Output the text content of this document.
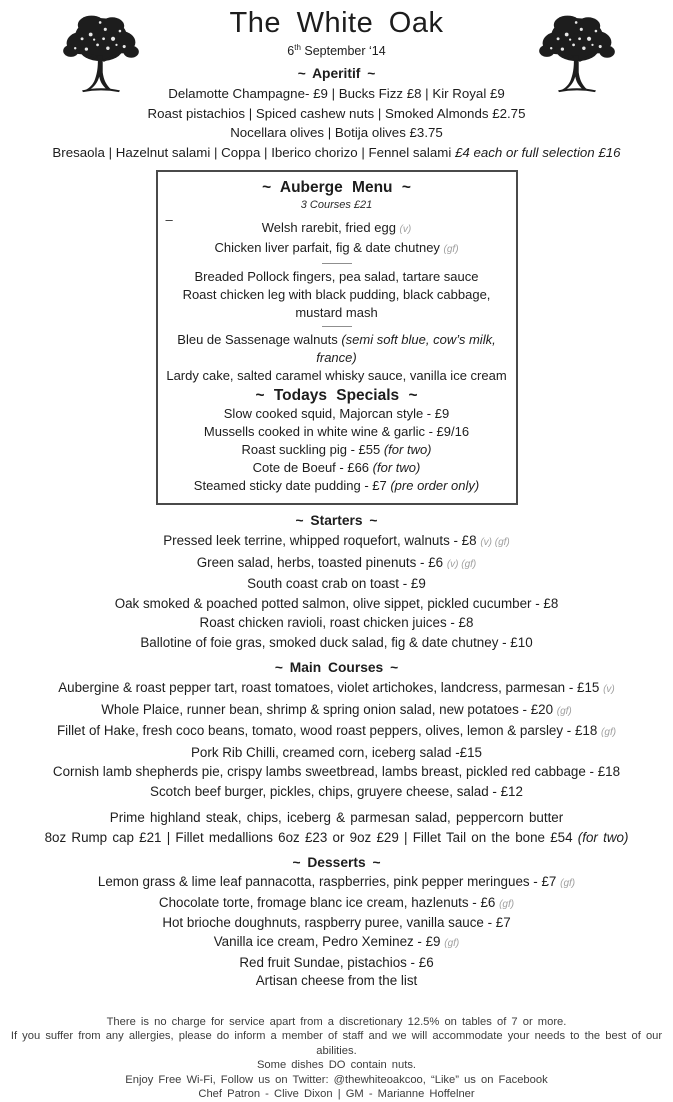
The White Oak
6th September ‘14
~ Aperitif ~
Delamotte Champagne- £9 | Bucks Fizz £8 | Kir Royal £9
Roast pistachios | Spiced cashew nuts | Smoked Almonds £2.75
Nocellara olives | Botija olives £3.75
Bresaola | Hazelnut salami | Coppa | Iberico chorizo | Fennel salami £4 each or full selection £16
–
~ Auberge Menu ~
3 Courses £21
Welsh rarebit, fried egg (v)
Chicken liver parfait, fig & date chutney (gf)
Breaded Pollock fingers, pea salad, tartare sauce
Roast chicken leg with black pudding, black cabbage, mustard mash
Bleu de Sassenage walnuts (semi soft blue, cow’s milk, france)
Lardy cake, salted caramel whisky sauce, vanilla ice cream
~ Todays Specials ~
Slow cooked squid, Majorcan style - £9
Mussells cooked in white wine & garlic - £9/16
Roast suckling pig - £55 (for two)
Cote de Boeuf - £66 (for two)
Steamed sticky date pudding - £7 (pre order only)
~ Starters ~
Pressed leek terrine, whipped roquefort, walnuts - £8 (v) (gf)
Green salad, herbs, toasted pinenuts - £6 (v) (gf)
South coast crab on toast - £9
Oak smoked & poached potted salmon, olive sippet, pickled cucumber - £8
Roast chicken ravioli, roast chicken juices - £8
Ballotine of foie gras, smoked duck salad, fig & date chutney - £10
~ Main Courses ~
Aubergine & roast pepper tart, roast tomatoes, violet artichokes, landcress, parmesan - £15 (v)
Whole Plaice, runner bean, shrimp & spring onion salad, new potatoes - £20 (gf)
Fillet of Hake, fresh coco beans, tomato, wood roast peppers, olives, lemon & parsley - £18 (gf)
Pork Rib Chilli, creamed corn, iceberg salad -£15
Cornish lamb shepherds pie, crispy lambs sweetbread, lambs breast, pickled red cabbage - £18
Scotch beef burger, pickles, chips, gruyere cheese, salad - £12
Prime highland steak, chips, iceberg & parmesan salad, peppercorn butter
8oz Rump cap £21 | Fillet medallions 6oz £23 or 9oz £29 | Fillet Tail on the bone £54 (for two)
~ Desserts ~
Lemon grass & lime leaf pannacotta, raspberries, pink pepper meringues - £7 (gf)
Chocolate torte, fromage blanc ice cream, hazlenuts - £6 (gf)
Hot brioche doughnuts, raspberry puree, vanilla sauce - £7
Vanilla ice cream, Pedro Xeminez - £9 (gf)
Red fruit Sundae, pistachios - £6
Artisan cheese from the list
There is no charge for service apart from a discretionary 12.5% on tables of 7 or more.
If you suffer from any allergies, please do inform a member of staff and we will accommodate your needs to the best of our abilities.
Some dishes DO contain nuts.
Enjoy Free Wi-Fi, Follow us on Twitter: @thewhiteoakcoo, “Like” us on Facebook
Chef Patron - Clive Dixon | GM - Marianne Hoffelner
